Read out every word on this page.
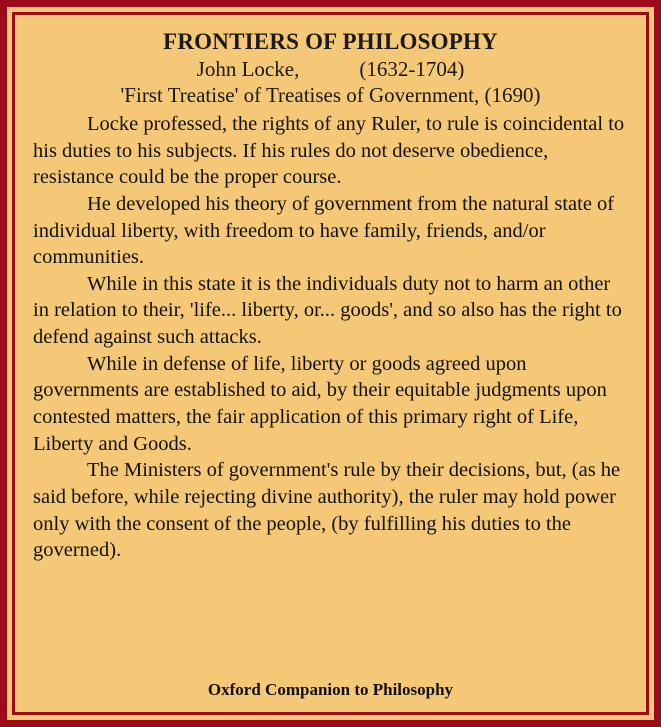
FRONTIERS OF PHILOSOPHY
John Locke,	(1632-1704)
'First Treatise' of Treatises of Government, (1690)

Locke professed, the rights of any Ruler, to rule is coincidental to his duties to his subjects. If his rules do not deserve obedience, resistance could be the proper course.

He developed his theory of government from the natural state of individual liberty, with freedom to have family, friends, and/or communities.

While in this state it is the individuals duty not to harm an other in relation to their, 'life... liberty, or... goods', and so also has the right to defend against such attacks.

While in defense of life, liberty or goods agreed upon governments are established to aid, by their equitable judgments upon contested matters, the fair application of this primary right of Life, Liberty and Goods.

The Ministers of government's rule by their decisions, but, (as he said before, while rejecting divine authority), the ruler may hold power only with the consent of the people, (by fulfilling his duties to the governed).

Oxford Companion to Philosophy
